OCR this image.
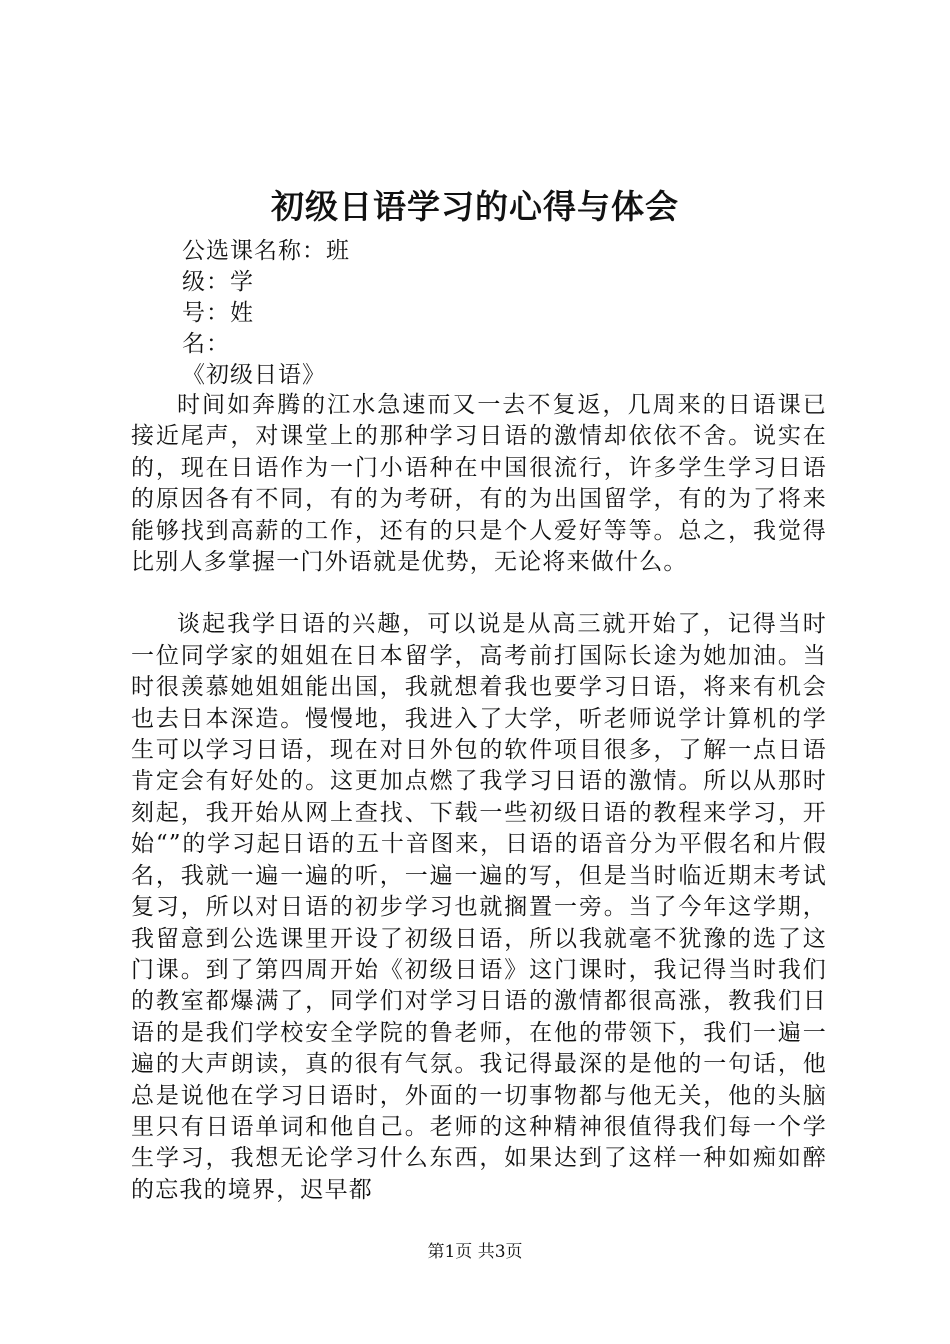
初级日语学习的心得与体会
公选课名称：班
级：学
号：姓
名：
《初级日语》

时间如奔腾的江水急速而又一去不复返，几周来的日语课已接近尾声，对课堂上的那种学习日语的激情却依依不舍。说实在的，现在日语作为一门小语种在中国很流行，许多学生学习日语的原因各有不同，有的为考研，有的为出国留学，有的为了将来能够找到高薪的工作，还有的只是个人爱好等等。总之，我觉得比别人多掌握一门外语就是优势，无论将来做什么。

谈起我学日语的兴趣，可以说是从高三就开始了，记得当时一位同学家的姐姐在日本留学，高考前打国际长途为她加油。当时很羡慕她姐姐能出国，我就想着我也要学习日语，将来有机会也去日本深造。慢慢地，我进入了大学，听老师说学计算机的学生可以学习日语，现在对日外包的软件项目很多，了解一点日语肯定会有好处的。这更加点燃了我学习日语的激情。所以从那时刻起，我开始从网上查找、下载一些初级日语的教程来学习，开始“”的学习起日语的五十音图来，日语的语音分为平假名和片假名，我就一遍一遍的听，一遍一遍的写，但是当时临近期末考试复习，所以对日语的初步学习也就搁置一旁。当了今年这学期，我留意到公选课里开设了初级日语，所以我就毫不犹豫的选了这门课。到了第四周开始《初级日语》这门课时，我记得当时我们的教室都爆满了，同学们对学习日语的激情都很高涨，教我们日语的是我们学校安全学院的鲁老师，在他的带领下，我们一遍一遍的大声朗读，真的很有气氛。我记得最深的是他的一句话，他总是说他在学习日语时，外面的一切事物都与他无关，他的头脑里只有日语单词和他自己。老师的这种精神很值得我们每一个学生学习，我想无论学习什么东西，如果达到了这样一种如痴如醉的忘我的境界，迟早都

第1页 共3页
